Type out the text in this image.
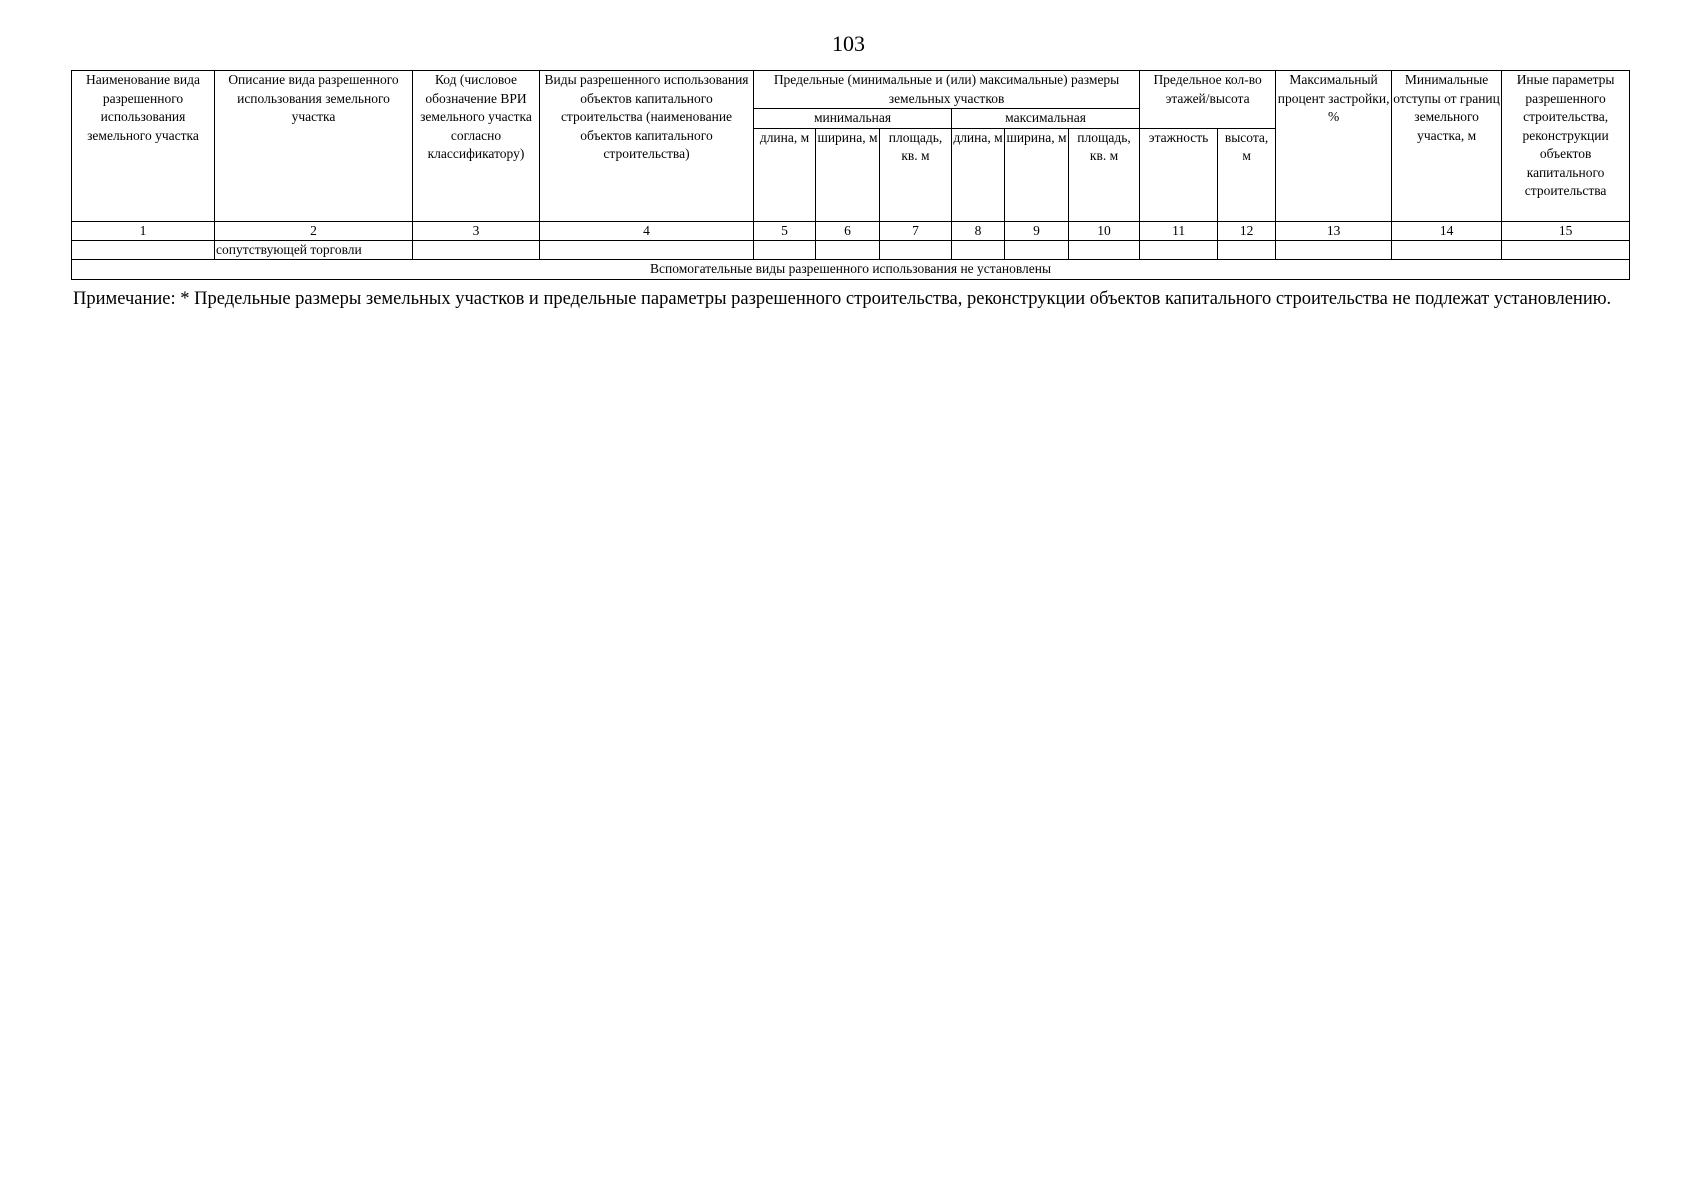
103
Наименование вида разрешенного использования земельного участка	Описание вида разрешенного использования земельного участка	Код (числовое обозначение ВРИ земельного участка согласно классификатору)	Виды разрешенного использования объектов капитального строительства (наименование объектов капитального строительства)	Предельные (минимальные и (или) максимальные) размеры земельных участков						Предельное кол-во этажей/высота		Максимальный процент застройки, %	Минимальные отступы от границ земельного участка, м	Иные параметры разрешенного строительства, реконструкции объектов капитального строительства
				минимальная			максимальная							
				длина, м	ширина, м	площадь, кв. м	длина, м	ширина, м	площадь, кв. м	этажность	высота, м			
1	2	3	4	5	6	7	8	9	10	11	12	13	14	15
	сопутствующей торговли													
Вспомогательные виды разрешенного использования не установлены														
Примечание: * Предельные размеры земельных участков и предельные параметры разрешенного строительства, реконструкции объектов капитального строительства не подлежат установлению.
